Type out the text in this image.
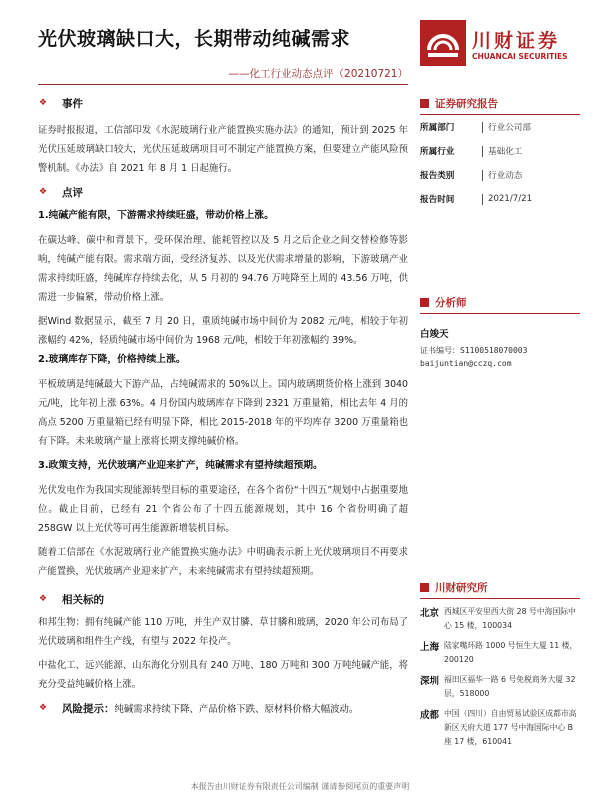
光伏玻璃缺口大，长期带动纯碱需求
——化工行业动态点评（20210721）
川财证券
CHUANCAI SECURITIES
❖ 事件

证券时报报道，工信部印发《水泥玻璃行业产能置换实施办法》的通知，预计到 2025 年光伏压延玻璃缺口较大，光伏压延玻璃项目可不制定产能置换方案，但要建立产能风险预警机制。《办法》自 2021 年 8 月 1 日起施行。

❖ 点评
1.纯碱产能有限，下游需求持续旺盛，带动价格上涨。

在碳达峰、碳中和背景下，受环保治理、能耗管控以及 5 月之后企业之间交替检修等影响，纯碱产能有限。需求端方面，受经济复苏、以及光伏需求增量的影响，下游玻璃产业需求持续旺盛，纯碱库存持续去化，从 5 月初的 94.76 万吨降至上周的 43.56 万吨，供需进一步偏紧，带动价格上涨。

据Wind 数据显示，截至 7 月 20 日，重质纯碱市场中间价为 2082 元/吨，相较于年初涨幅约 42%，轻质纯碱市场中间价为 1968 元/吨，相较于年初涨幅约 39%。

2.玻璃库存下降，价格持续上涨。

平板玻璃是纯碱最大下游产品，占纯碱需求的 50%以上。国内玻璃期货价格上涨到 3040 元/吨，比年初上涨 63%。4 月份国内玻璃库存下降到 2321 万重量箱，相比去年 4 月的高点 5200 万重量箱已经有明显下降，相比 2015-2018 年的平均库存 3200 万重量箱也有下降。未来玻璃产量上涨将长期支撑纯碱价格。

3.政策支持，光伏玻璃产业迎来扩产，纯碱需求有望持续超预期。

光伏发电作为我国实现能源转型目标的重要途径，在各个省份“十四五”规划中占据重要地位。截止目前，已经有 21 个省公布了十四五能源规划，其中 16 个省份明确了超 258GW 以上光伏等可再生能源新增装机目标。

随着工信部在《水泥玻璃行业产能置换实施办法》中明确表示新上光伏玻璃项目不再要求产能置换，光伏玻璃产业迎来扩产，未来纯碱需求有望持续超预期。

❖ 相关标的

和邦生物：拥有纯碱产能 110 万吨，并生产双甘膦、草甘膦和玻璃，2020 年公司布局了光伏玻璃和组件生产线，有望与 2022 年投产。

中盐化工、远兴能源、山东海化分别具有 240 万吨、180 万吨和 300 万吨纯碱产能，将充分受益纯碱价格上涨。

❖ 风险提示： 纯碱需求持续下降、产品价格下跌、原材料价格大幅波动。
证券研究报告
所属部门	行业公司部
所属行业	基础化工
报告类别	行业动态
报告时间	2021/7/21
分析师
白竣天
证书编号：S1100518070003
baijuntian@cczq.com
川财研究所
北京 西城区平安里西大街 28 号中海国际中心 15 楼，100034
上海 陆家嘴环路 1000 号恒生大厦 11 楼，200120
深圳 福田区福华一路 6 号免税商务大厦 32 层，518000
成都 中国（四川）自由贸易试验区成都市高新区天府大道 177 号中海国际中心 B 座 17 楼，610041
本报告由川财证券有限责任公司编制 谨请参阅尾页的重要声明
